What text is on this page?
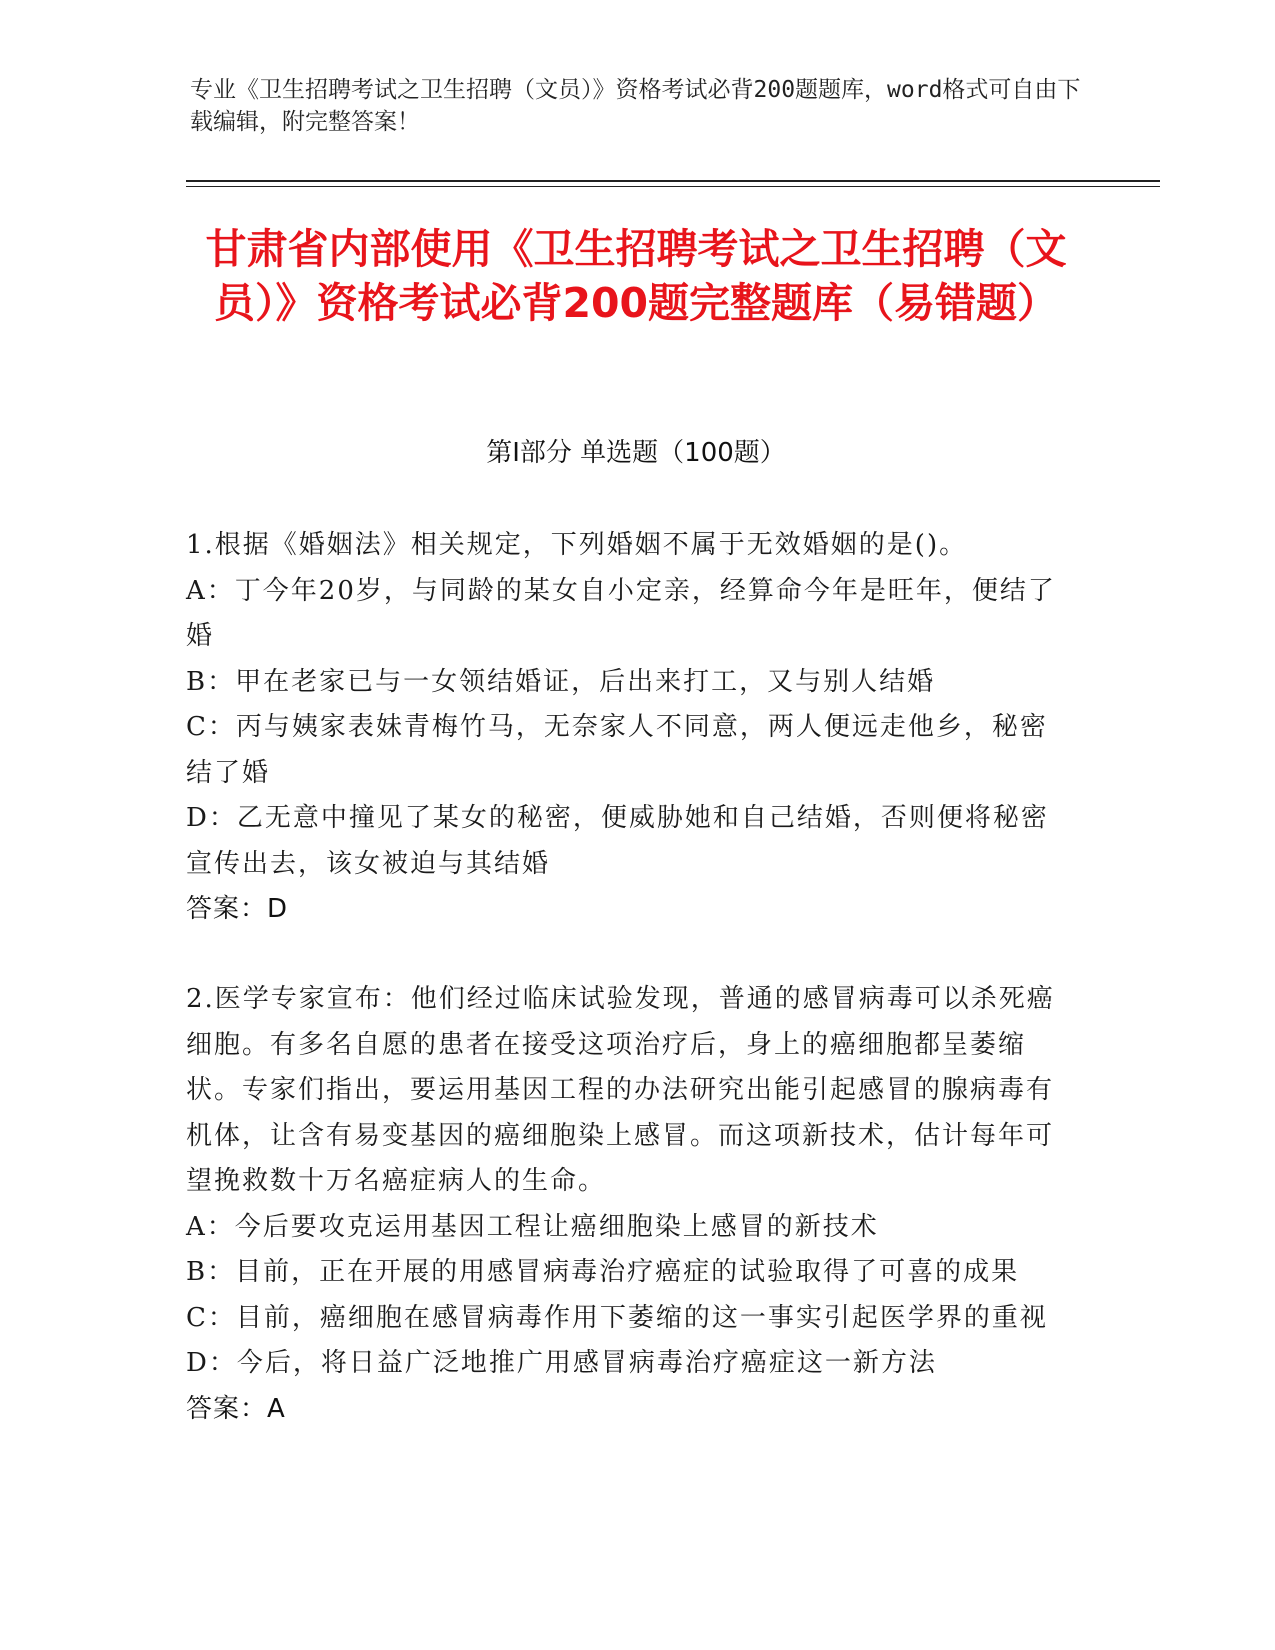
专业《卫生招聘考试之卫生招聘（文员）》资格考试必背200题题库，word格式可自由下载编辑，附完整答案！
甘肃省内部使用《卫生招聘考试之卫生招聘（文员）》资格考试必背200题完整题库（易错题）
第I部分 单选题（100题）
1.根据《婚姻法》相关规定，下列婚姻不属于无效婚姻的是()。
A：丁今年20岁，与同龄的某女自小定亲，经算命今年是旺年，便结了婚
B：甲在老家已与一女领结婚证，后出来打工，又与别人结婚
C：丙与姨家表妹青梅竹马，无奈家人不同意，两人便远走他乡，秘密结了婚
D：乙无意中撞见了某女的秘密，便威胁她和自己结婚，否则便将秘密宣传出去，该女被迫与其结婚
答案：D
2.医学专家宣布：他们经过临床试验发现，普通的感冒病毒可以杀死癌细胞。有多名自愿的患者在接受这项治疗后，身上的癌细胞都呈萎缩状。专家们指出，要运用基因工程的办法研究出能引起感冒的腺病毒有机体，让含有易变基因的癌细胞染上感冒。而这项新技术，估计每年可望挽救数十万名癌症病人的生命。
A：今后要攻克运用基因工程让癌细胞染上感冒的新技术
B：目前，正在开展的用感冒病毒治疗癌症的试验取得了可喜的成果
C：目前，癌细胞在感冒病毒作用下萎缩的这一事实引起医学界的重视
D：今后，将日益广泛地推广用感冒病毒治疗癌症这一新方法
答案：A
